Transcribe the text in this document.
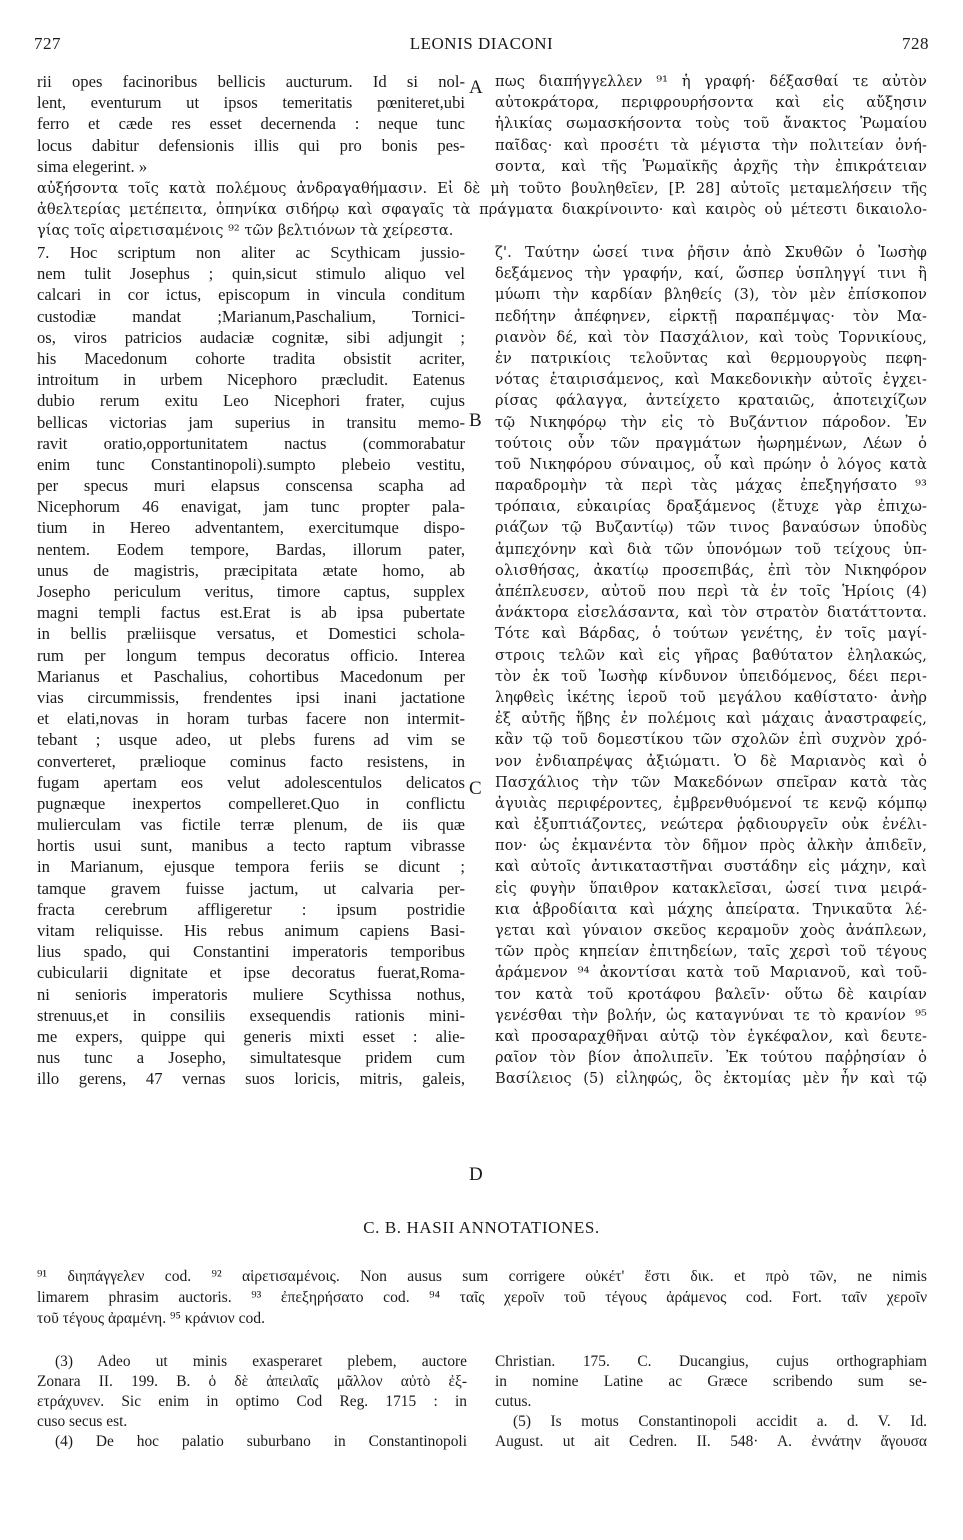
727	LEONIS DIACONI	728
A
B
C
D
rii opes facinoribus bellicis aucturum. Id si nol-
lent, eventurum ut ipsos temeritatis pœniteret,ubi
ferro et cæde res esset decernenda : neque tunc
locus dabitur defensionis illis qui pro bonis pes-
sima elegerint. »
πως διαπήγγελλεν ⁹¹ ἡ γραφή· δέξασθαί τε αὐτὸν
αὐτοκράτορα, περιφρουρήσοντα καὶ εἰς αὔξησιν
ἡλικίας σωμασκήσοντα τοὺς τοῦ ἄνακτος Ῥωμαίου
παῖδας· καὶ προσέτι τὰ μέγιστα τὴν πολιτείαν ὀνή-
σοντα, καὶ τῆς Ῥωμαϊκῆς ἀρχῆς τὴν ἐπικράτειαν
αὐξήσοντα τοῖς κατὰ πολέμους ἀνδραγαθήμασιν. Εἰ δὲ μὴ τοῦτο βουληθεῖεν, [P. 28] αὐτοῖς μεταμελήσειν τῆς
ἀθελτερίας μετέπειτα, ὁπηνίκα σιδήρῳ καὶ σφαγαῖς τὰ πράγματα διακρίνοιντο· καὶ καιρὸς οὐ μέτεστι δικαιολο-
γίας τοῖς αἱρετισαμένοις ⁹² τῶν βελτιόνων τὰ χείρεστα.
7. Hoc scriptum non aliter ac Scythicam jussio-
nem tulit Josephus ; quin,sicut stimulo aliquo vel
calcari in cor ictus, episcopum in vincula conditum
custodiæ mandat ;Marianum,Paschalium, Tornici-
os, viros patricios audaciæ cognitæ, sibi adjungit ;
his Macedonum cohorte tradita obsistit acriter,
introitum in urbem Nicephoro præcludit. Eatenus
dubio rerum exitu Leo Nicephori frater, cujus
bellicas victorias jam superius in transitu memo-
ravit oratio,opportunitatem nactus (commorabatur
enim tunc Constantinopoli).sumpto plebeio vestitu,
per specus muri elapsus conscensa scapha ad
Nicephorum 46 enavigat, jam tunc propter pala-
tium in Hereo adventantem, exercitumque dispo-
nentem. Eodem tempore, Bardas, illorum pater,
unus de magistris, præcipitata ætate homo, ab
Josepho periculum veritus, timore captus, supplex
magni templi factus est.Erat is ab ipsa pubertate
in bellis præliisque versatus, et Domestici schola-
rum per longum tempus decoratus officio. Interea
Marianus et Paschalius, cohortibus Macedonum per
vias circummissis, frendentes ipsi inani jactatione
et elati,novas in horam turbas facere non intermit-
tebant ; usque adeo, ut plebs furens ad vim se
converteret, prælioque cominus facto resistens, in
fugam apertam eos velut adolescentulos delicatos
pugnæque inexpertos compelleret.Quo in conflictu
mulierculam vas fictile terræ plenum, de iis quæ
hortis usui sunt, manibus a tecto raptum vibrasse
in Marianum, ejusque tempora feriis se dicunt ;
tamque gravem fuisse jactum, ut calvaria per-
fracta cerebrum affligeretur : ipsum postridie
vitam reliquisse. His rebus animum capiens Basi-
lius spado, qui Constantini imperatoris temporibus
cubicularii dignitate et ipse decoratus fuerat,Roma-
ni senioris imperatoris muliere Scythissa nothus,
strenuus,et in consiliis exsequendis rationis mini-
me expers, quippe qui generis mixti esset : alie-
nus tunc a Josepho, simultatesque pridem cum
illo gerens, 47 vernas suos loricis, mitris, galeis,
ζ'. Ταύτην ὡσεί τινα ῥῆσιν ἀπὸ Σκυθῶν ὁ Ἰωσὴφ
δεξάμενος τὴν γραφήν, καί, ὥσπερ ὑσπληγγί τινι ἢ
μύωπι τὴν καρδίαν βληθείς (3), τὸν μὲν ἐπίσκοπον
πεδήτην ἀπέφηνεν, εἱρκτῇ παραπέμψας· τὸν Μα-
ριανὸν δέ, καὶ τὸν Πασχάλιον, καὶ τοὺς Τορνικίους,
ἐν πατρικίοις τελοῦντας καὶ θερμουργοὺς πεφη-
νότας ἑταιρισάμενος, καὶ Μακεδονικὴν αὐτοῖς ἐγχει-
ρίσας φάλαγγα, ἀντείχετο κραταιῶς, ἀποτειχίζων
τῷ Νικηφόρῳ τὴν εἰς τὸ Βυζάντιον πάροδον. Ἐν
τούτοις οὖν τῶν πραγμάτων ἠωρημένων, Λέων ὁ
τοῦ Νικηφόρου σύναιμος, οὗ καὶ πρώην ὁ λόγος κατὰ
παραδρομὴν τὰ περὶ τὰς μάχας ἐπεξηγήσατο ⁹³
τρόπαια, εὐκαιρίας δραξάμενος (ἔτυχε γὰρ ἐπιχω-
ριάζων τῷ Βυζαντίῳ) τῶν τινος βαναύσων ὑποδὺς
ἀμπεχόνην καὶ διὰ τῶν ὑπονόμων τοῦ τείχους ὑπ-
ολισθήσας, ἀκατίῳ προσεπιβάς, ἐπὶ τὸν Νικηφόρον
ἀπέπλευσεν, αὐτοῦ που περὶ τὰ ἐν τοῖς Ἡρίοις (4)
ἀνάκτορα εἰσελάσαντα, καὶ τὸν στρατὸν διατάττοντα.
Τότε καὶ Βάρδας, ὁ τούτων γενέτης, ἐν τοῖς μαγί-
στροις τελῶν καὶ εἰς γῆρας βαθύτατον ἐληλακώς,
τὸν ἐκ τοῦ Ἰωσὴφ κίνδυνον ὑπειδόμενος, δέει περι-
ληφθεὶς ἱκέτης ἱεροῦ τοῦ μεγάλου καθίστατο· ἀνὴρ
ἐξ αὐτῆς ἥβης ἐν πολέμοις καὶ μάχαις ἀναστραφείς,
κἂν τῷ τοῦ δομεστίκου τῶν σχολῶν ἐπὶ συχνὸν χρό-
νον ἐνδιαπρέψας ἀξιώματι. Ὁ δὲ Μαριανὸς καὶ ὁ
Πασχάλιος τὴν τῶν Μακεδόνων σπεῖραν κατὰ τὰς
ἀγυιὰς περιφέροντες, ἐμβρενθυόμενοί τε κενῷ κόμπῳ
καὶ ἐξυπτιάζοντες, νεώτερα ῥᾳδιουργεῖν οὐκ ἐνέλι-
πον· ὡς ἐκμανέντα τὸν δῆμον πρὸς ἀλκὴν ἀπιδεῖν,
καὶ αὐτοῖς ἀντικαταστῆναι συστάδην εἰς μάχην, καὶ
εἰς φυγὴν ὕπαιθρον κατακλεῖσαι, ὡσεί τινα μειρά-
κια ἁβροδίαιτα καὶ μάχης ἀπείρατα. Τηνικαῦτα λέ-
γεται καὶ γύναιον σκεῦος κεραμοῦν χοὸς ἀνάπλεων,
τῶν πρὸς κηπείαν ἐπιτηδείων, ταῖς χερσὶ τοῦ τέγους
ἀράμενον ⁹⁴ ἀκοντίσαι κατὰ τοῦ Μαριανοῦ, καὶ τοῦ-
τον κατὰ τοῦ κροτάφου βαλεῖν· οὕτω δὲ καιρίαν
γενέσθαι τὴν βολήν, ὡς καταγνύναι τε τὸ κρανίον ⁹⁵
καὶ προσαραχθῆναι αὐτῷ τὸν ἐγκέφαλον, καὶ δευτε-
ραῖον τὸν βίον ἀπολιπεῖν. Ἐκ τούτου παῤῥησίαν ὁ
Βασίλειος (5) εἰληφώς, ὃς ἐκτομίας μὲν ἦν καὶ τῷ
C. B. HASII ANNOTATIONES.
⁹¹ διηπάγγελεν cod. ⁹² αἱρετισαμένοις. Non ausus sum corrigere οὐκέτ' ἔστι δικ. et πρὸ τῶν, ne nimis
limarem phrasim auctoris. ⁹³ ἐπεξηρήσατο cod. ⁹⁴ ταῖς χεροῖν τοῦ τέγους ἀράμενος cod. Fort. ταῖν χεροῖν
τοῦ τέγους ἀραμένη. ⁹⁵ κράνιον cod.
(3) Adeo ut minis exasperaret plebem, auctore
Zonara II. 199. B. ὁ δὲ ἀπειλαῖς μᾶλλον αὐτὸ ἐξ-
ετράχυνεν. Sic enim in optimo Cod Reg. 1715 : in
cuso secus est.
(4) De hoc palatio suburbano in Constantinopoli
Christian. 175. C. Ducangius, cujus orthographiam
in nomine Latine ac Græce scribendo sum se-
cutus.
(5) Is motus Constantinopoli accidit a. d. V. Id.
August. ut ait Cedren. II. 548· A. ἐννάτην ἄγουσα
